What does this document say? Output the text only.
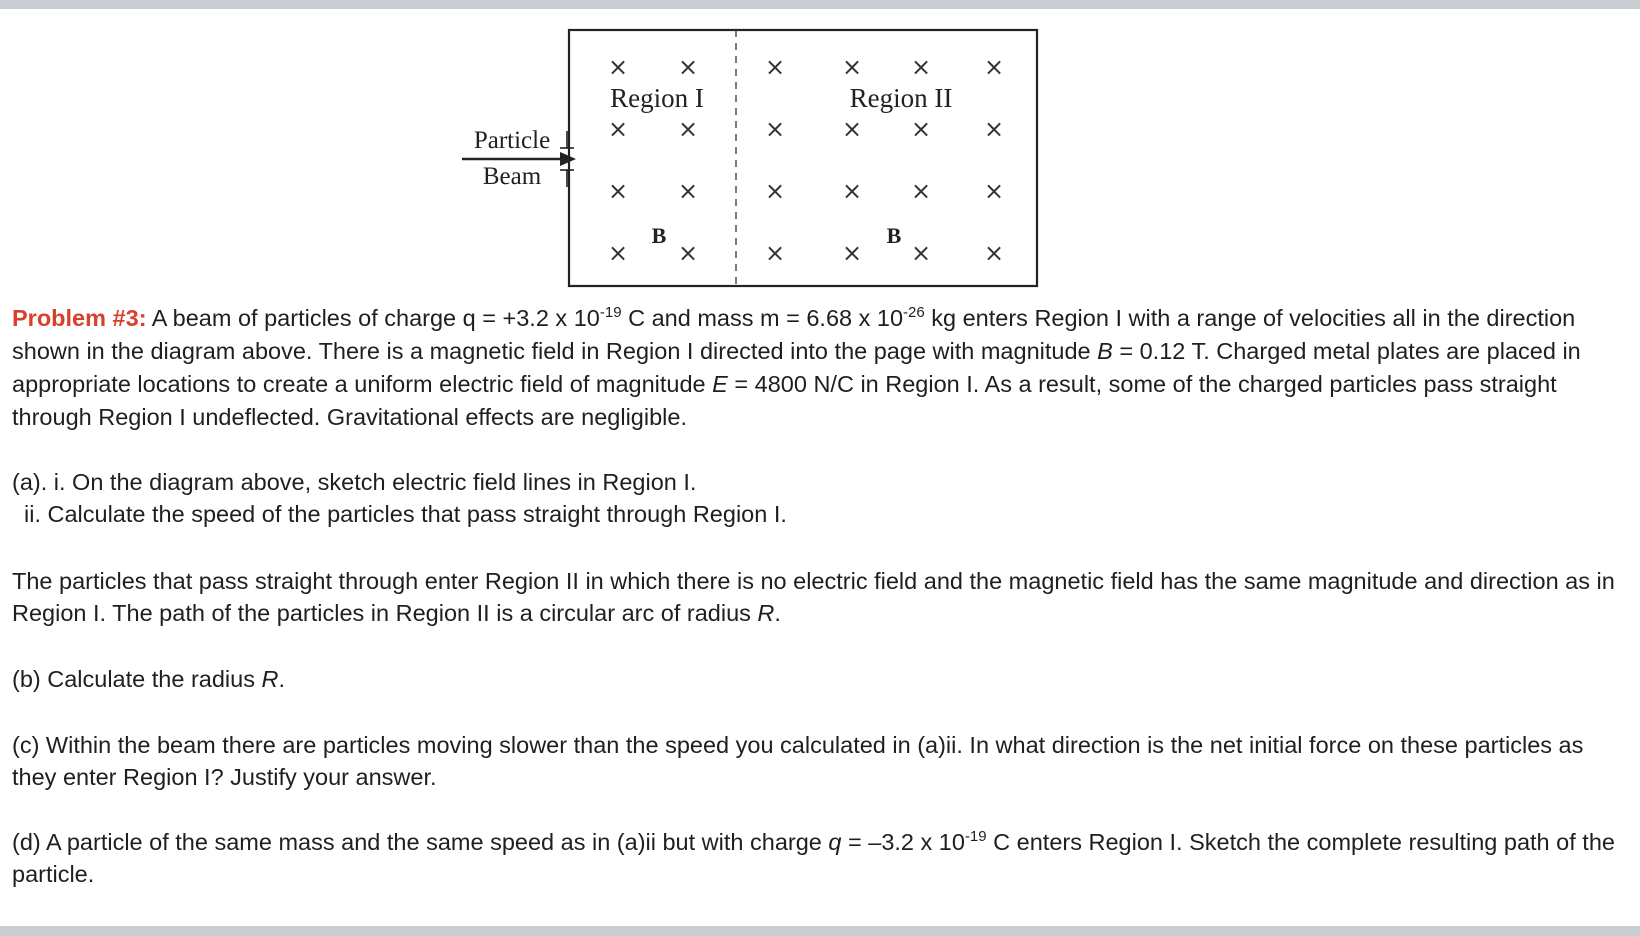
× ×	× × × ×
× ×	× × × ×
× ×	× × × ×
× ×	× × × ×
Region I	Region II
B	B
Particle
Beam

Problem #3: A beam of particles of charge q = +3.2 x $10^{-19}$ C and mass m = 6.68 x $10^{-26}$ kg enters Region I with a range of velocities all in the direction shown in the diagram above. There is a magnetic field in Region I directed into the page with magnitude B = 0.12 T. Charged metal plates are placed in appropriate locations to create a uniform electric field of magnitude E = 4800 N/C in Region I. As a result, some of the charged particles pass straight through Region I undeflected. Gravitational effects are negligible.

(a). i. On the diagram above, sketch electric field lines in Region I.
ii. Calculate the speed of the particles that pass straight through Region I.

The particles that pass straight through enter Region II in which there is no electric field and the magnetic field has the same magnitude and direction as in Region I. The path of the particles in Region II is a circular arc of radius R.

(b) Calculate the radius R.

(c) Within the beam there are particles moving slower than the speed you calculated in (a)ii. In what direction is the net initial force on these particles as they enter Region I? Justify your answer.

(d) A particle of the same mass and the same speed as in (a)ii but with charge q = –3.2 x $10^{-19}$ C enters Region I. Sketch the complete resulting path of the particle.
